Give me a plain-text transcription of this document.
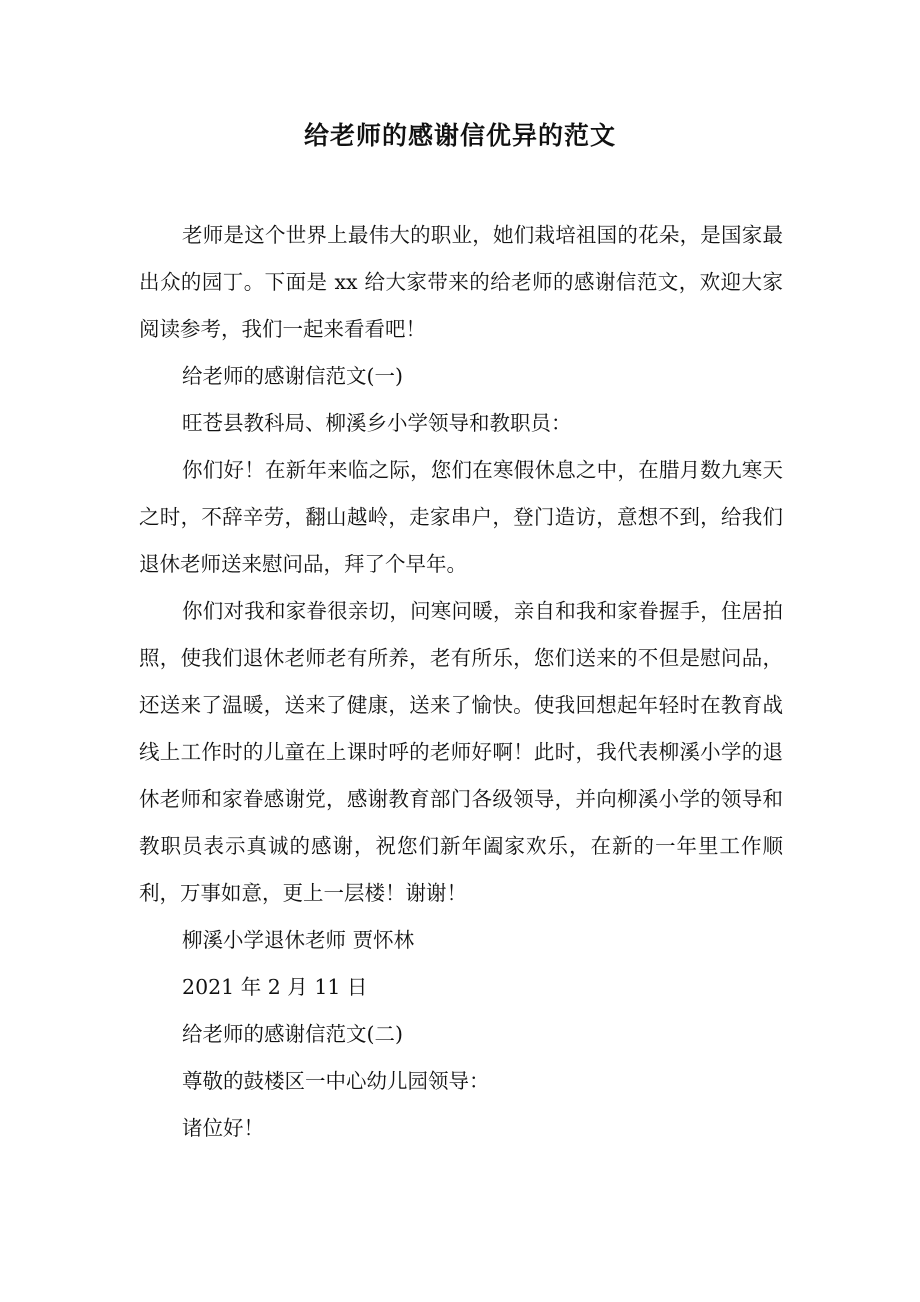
给老师的感谢信优异的范文

老师是这个世界上最伟大的职业，她们栽培祖国的花朵，是国家最出众的园丁。下面是 xx 给大家带来的给老师的感谢信范文，欢迎大家阅读参考，我们一起来看看吧！

给老师的感谢信范文(一)

旺苍县教科局、柳溪乡小学领导和教职员：

你们好！在新年来临之际，您们在寒假休息之中，在腊月数九寒天之时，不辞辛劳，翻山越岭，走家串户，登门造访，意想不到，给我们退休老师送来慰问品，拜了个早年。

你们对我和家眷很亲切，问寒问暖，亲自和我和家眷握手，住居拍照，使我们退休老师老有所养，老有所乐，您们送来的不但是慰问品，还送来了温暖，送来了健康，送来了愉快。使我回想起年轻时在教育战线上工作时的儿童在上课时呼的老师好啊！此时，我代表柳溪小学的退休老师和家眷感谢党，感谢教育部门各级领导，并向柳溪小学的领导和教职员表示真诚的感谢，祝您们新年阖家欢乐，在新的一年里工作顺利，万事如意，更上一层楼！谢谢！

柳溪小学退休老师 贾怀林

2021 年 2 月 11 日

给老师的感谢信范文(二)

尊敬的鼓楼区一中心幼儿园领导：

诸位好！
